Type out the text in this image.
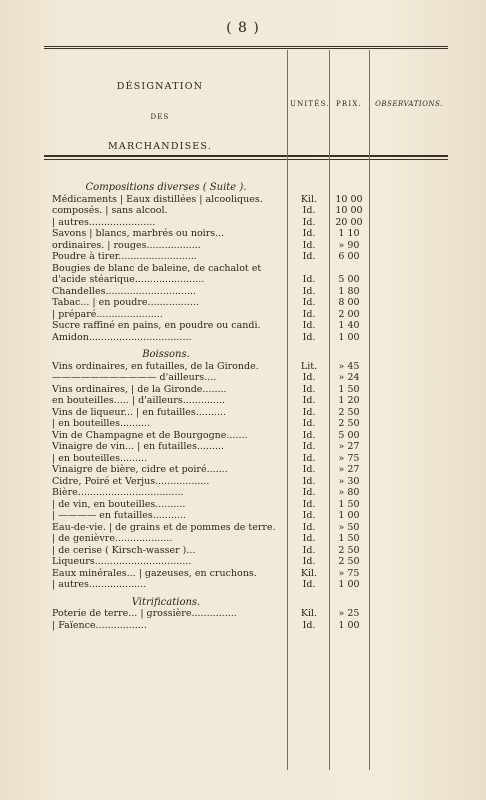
( 8 )
DÉSIGNATION
DES
MARCHANDISES.
UNITÉS. PRIX.	OBSERVATIONS.
Compositions diverses ( Suite ).
Médicaments | Eaux distillées | alcooliques.	Kil.	10 00
composés. | sans alcool.	Id.	10 00
| autres......................	Id.	20 00
Savons | blancs, marbrés ou noirs...	Id.	1 10
ordinaires. | rouges..................	Id.	» 90
Poudre à tirer..........................	Id.	6 00
Bougies de blanc de baleine, de cachalot et
d'acide stéarique.......................	Id.	5 00
Chandelles..............................	Id.	1 80
Tabac... | en poudre.................	Id.	8 00
| préparé......................	Id.	2 00
Sucre raffiné en pains, en poudre ou candi.	Id.	1 40
Amidon..................................	Id.	1 00
Boissons.
Vins ordinaires, en futailles, de la Gironde.	Lit.	» 45
——————————— d'ailleurs....	Id.	» 24
Vins ordinaires, | de la Gironde........	Id.	1 50
en bouteilles..... | d'ailleurs..............	Id.	1 20
Vins de liqueur... | en futailles..........	Id.	2 50
| en bouteilles..........	Id.	2 50
Vin de Champagne et de Bourgogne.......	Id.	5 00
Vinaigre de vin... | en futailles.........	Id.	» 27
| en bouteilles.........	Id.	» 75
Vinaigre de bière, cidre et poiré.......	Id.	» 27
Cidre, Poiré et Verjus..................	Id.	» 30
Bière...................................	Id.	» 80
| de vin, en bouteilles..........	Id.	1 50
| ———— en futailles...........	Id.	1 00
Eau-de-vie. | de grains et de pommes de terre.	Id.	» 50
| de genièvre...................	Id.	1 50
| de cerise ( Kirsch-wasser )...	Id.	2 50
Liqueurs................................	Id.	2 50
Eaux minérales... | gazeuses, en cruchons.	Kil.	» 75
| autres...................	Id.	1 00
Vitrifications.
Poterie de terre... | grossière...............	Kil.	» 25
| Faïence.................	Id.	1 00
